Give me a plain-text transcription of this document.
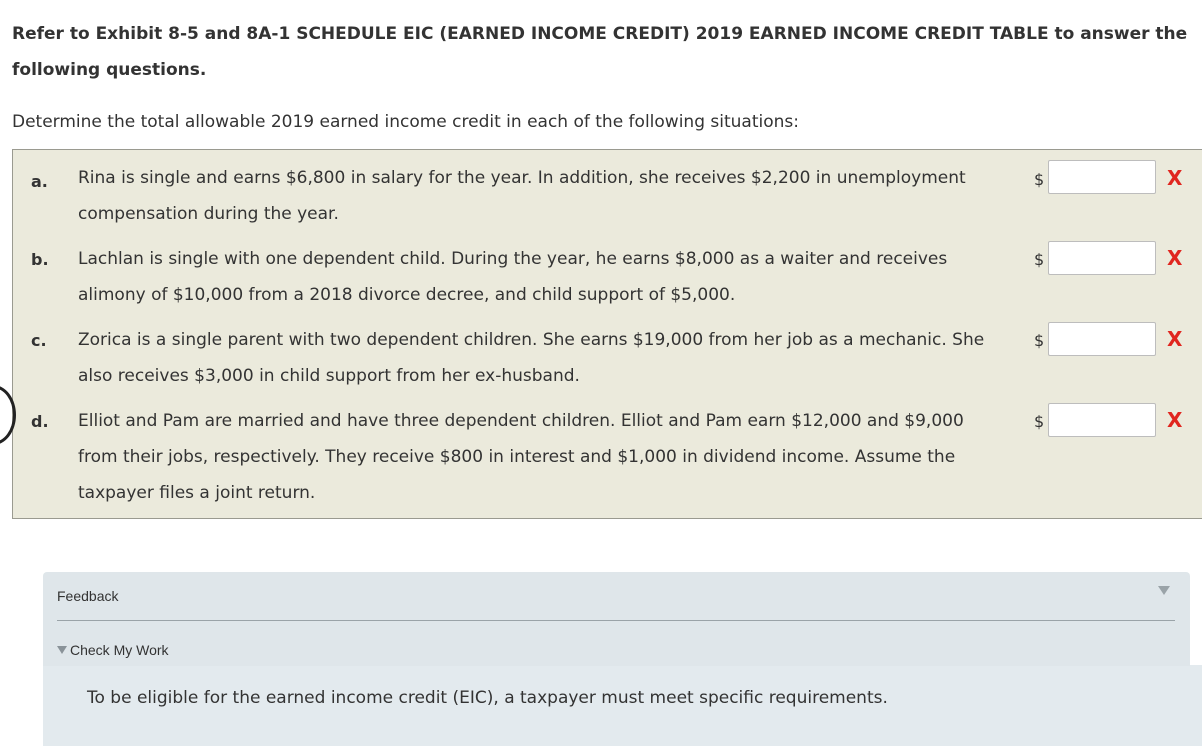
Refer to Exhibit 8-5 and 8A-1 SCHEDULE EIC (EARNED INCOME CREDIT) 2019 EARNED INCOME CREDIT TABLE to answer the following questions.
Determine the total allowable 2019 earned income credit in each of the following situations:
a. Rina is single and earns $6,800 in salary for the year. In addition, she receives $2,200 in unemployment compensation during the year.
$	X
b. Lachlan is single with one dependent child. During the year, he earns $8,000 as a waiter and receives alimony of $10,000 from a 2018 divorce decree, and child support of $5,000.
$	X
c. Zorica is a single parent with two dependent children. She earns $19,000 from her job as a mechanic. She also receives $3,000 in child support from her ex-husband.
$	X
d. Elliot and Pam are married and have three dependent children. Elliot and Pam earn $12,000 and $9,000 from their jobs, respectively. They receive $800 in interest and $1,000 in dividend income. Assume the taxpayer files a joint return.
$	X
Feedback
Check My Work
To be eligible for the earned income credit (EIC), a taxpayer must meet specific requirements.
